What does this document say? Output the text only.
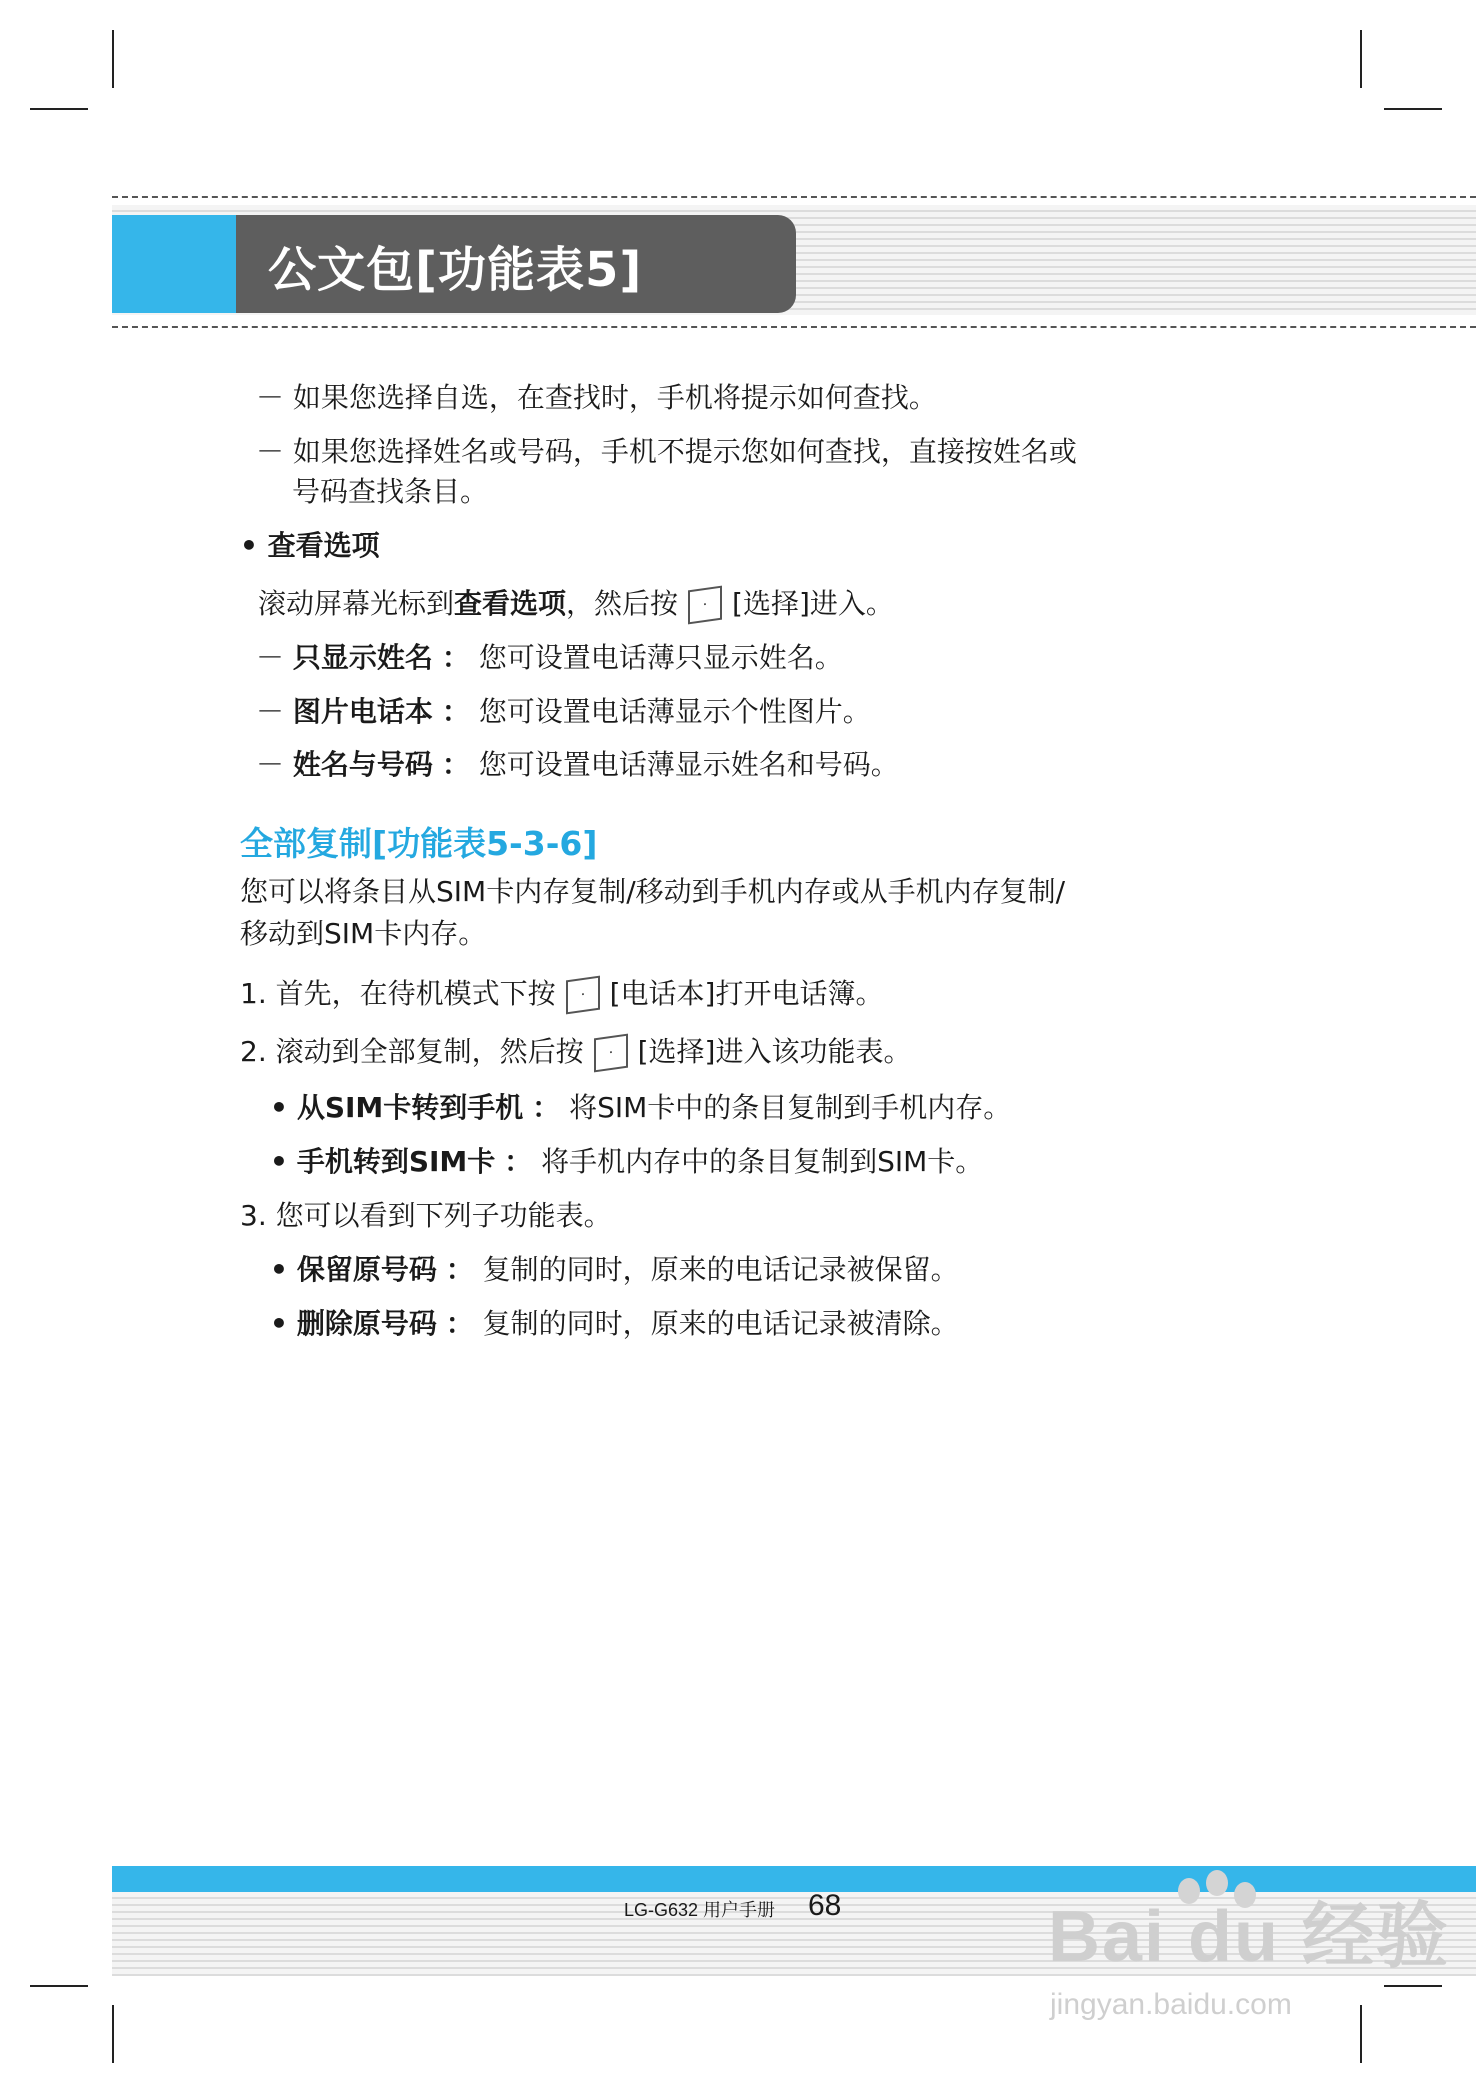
公文包[功能表5]
－ 如果您选择自选，在查找时，手机将提示如何查找。
－ 如果您选择姓名或号码，手机不提示您如何查找，直接按姓名或
号码查找条目。
• 查看选项
滚动屏幕光标到查看选项，然后按 · [选择]进入。
－ 只显示姓名 ： 您可设置电话薄只显示姓名。
－ 图片电话本 ： 您可设置电话薄显示个性图片。
－ 姓名与号码 ： 您可设置电话薄显示姓名和号码。
全部复制[功能表5-3-6]
您可以将条目从SIM卡内存复制/移动到手机内存或从手机内存复制/
移动到SIM卡内存。
1. 首先，在待机模式下按 · [电话本]打开电话簿。
2. 滚动到全部复制，然后按 · [选择]进入该功能表。
• 从SIM卡转到手机 ： 将SIM卡中的条目复制到手机内存。
• 手机转到SIM卡 ： 将手机内存中的条目复制到SIM卡。
3. 您可以看到下列子功能表。
• 保留原号码 ： 复制的同时，原来的电话记录被保留。
• 删除原号码 ： 复制的同时，原来的电话记录被清除。
LG-G632 用户手册 68	Bai du 经验
jingyan.baidu.com
